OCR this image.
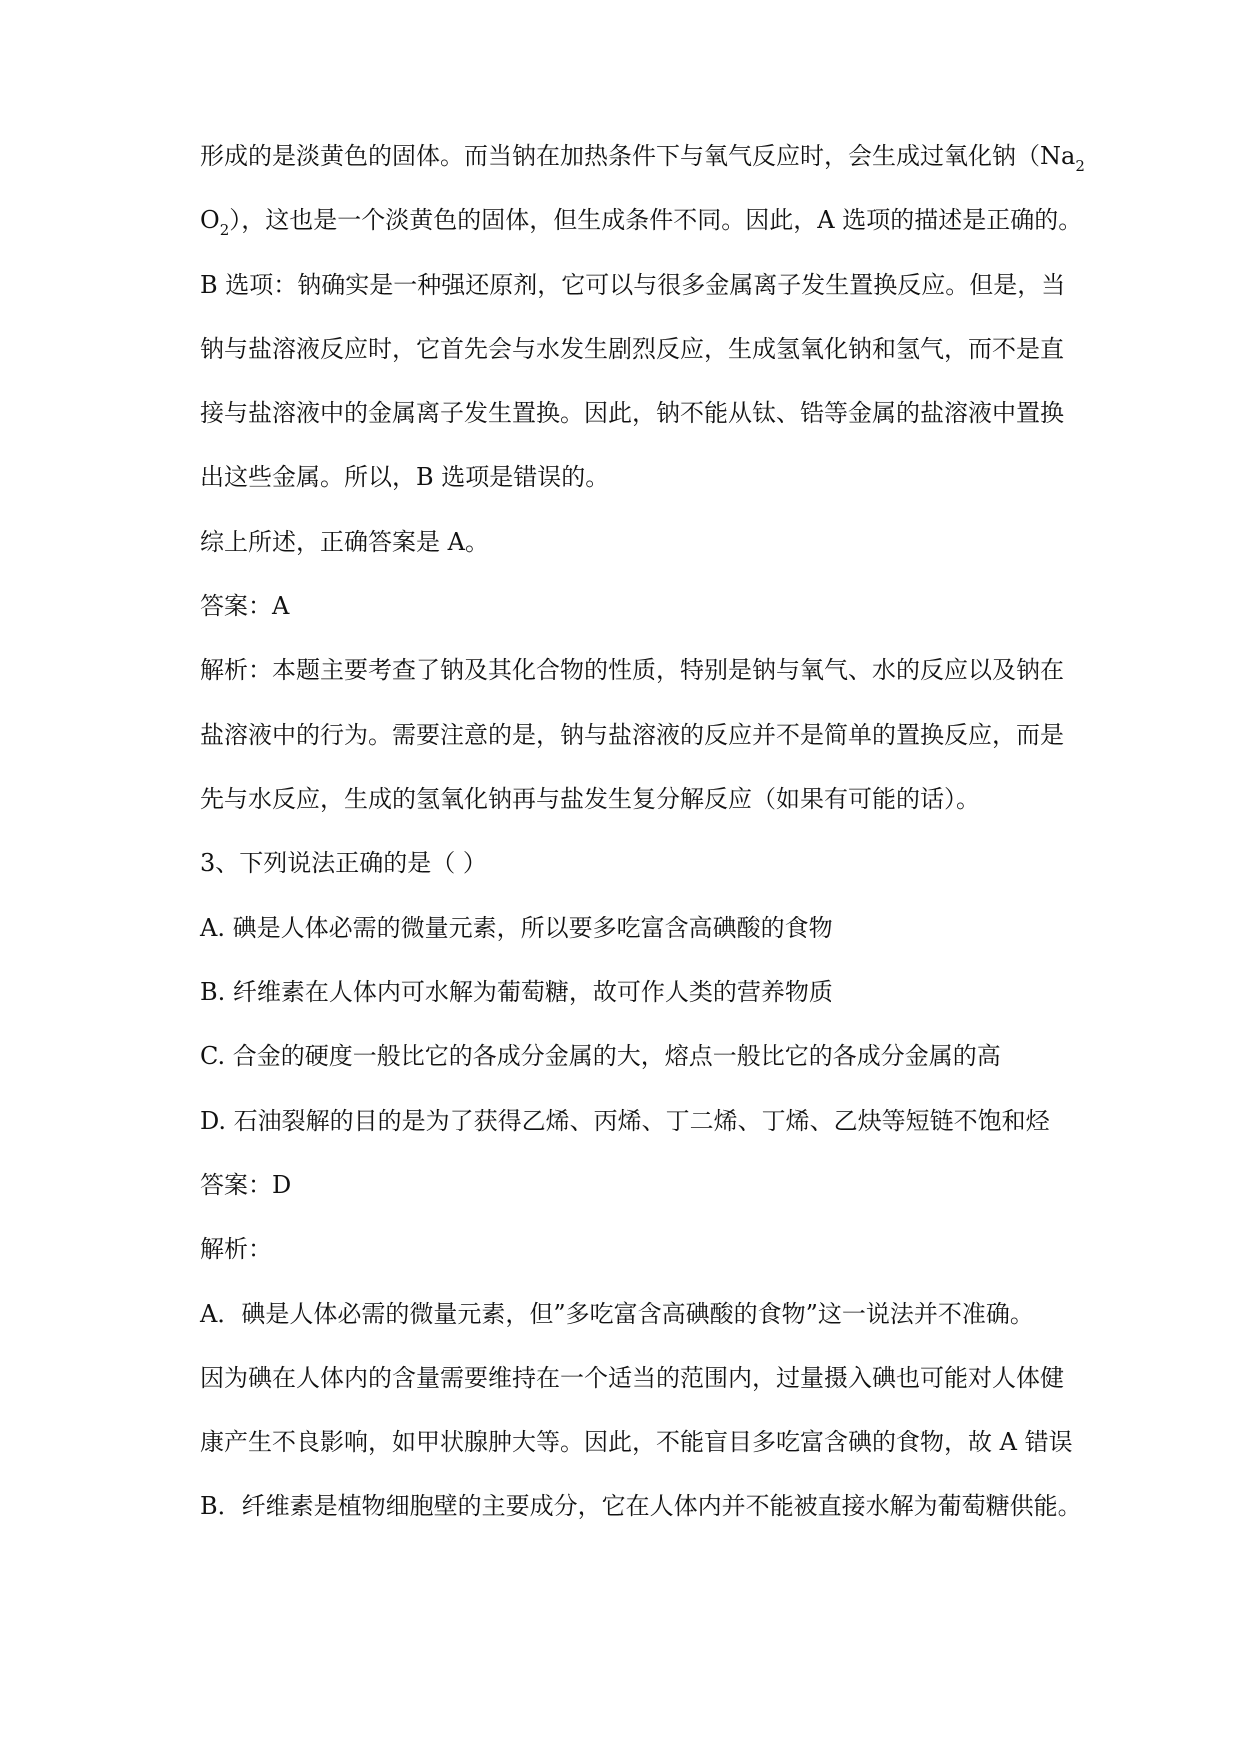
形成的是淡黄色的固体。而当钠在加热条件下与氧气反应时，会生成过氧化钠（$Na_2$

$O_2$），这也是一个淡黄色的固体，但生成条件不同。因此，A 选项的描述是正确的。

B 选项：钠确实是一种强还原剂，它可以与很多金属离子发生置换反应。但是，当

钠与盐溶液反应时，它首先会与水发生剧烈反应，生成氢氧化钠和氢气，而不是直

接与盐溶液中的金属离子发生置换。因此，钠不能从钛、锆等金属的盐溶液中置换

出这些金属。所以，B 选项是错误的。

综上所述，正确答案是 A。

答案：A

解析：本题主要考查了钠及其化合物的性质，特别是钠与氧气、水的反应以及钠在

盐溶液中的行为。需要注意的是，钠与盐溶液的反应并不是简单的置换反应，而是

先与水反应，生成的氢氧化钠再与盐发生复分解反应（如果有可能的话）。

3、下列说法正确的是（ ）

A. 碘是人体必需的微量元素，所以要多吃富含高碘酸的食物

B. 纤维素在人体内可水解为葡萄糖，故可作人类的营养物质

C. 合金的硬度一般比它的各成分金属的大，熔点一般比它的各成分金属的高

D. 石油裂解的目的是为了获得乙烯、丙烯、丁二烯、丁烯、乙炔等短链不饱和烃

答案：D

解析：

A．碘是人体必需的微量元素，但”多吃富含高碘酸的食物”这一说法并不准确。

因为碘在人体内的含量需要维持在一个适当的范围内，过量摄入碘也可能对人体健

康产生不良影响，如甲状腺肿大等。因此，不能盲目多吃富含碘的食物，故 A 错误

B．纤维素是植物细胞壁的主要成分，它在人体内并不能被直接水解为葡萄糖供能。
